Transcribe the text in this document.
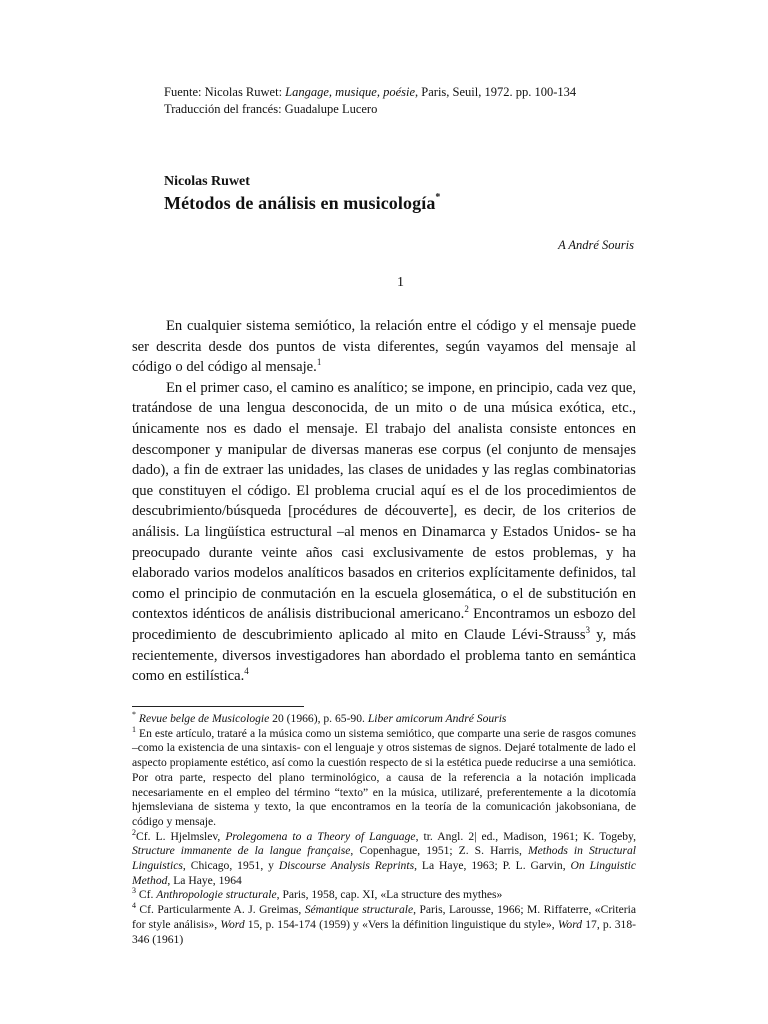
Fuente: Nicolas Ruwet: Langage, musique, poésie, Paris, Seuil, 1972. pp. 100-134
Traducción del francés: Guadalupe Lucero
Nicolas Ruwet
Métodos de análisis en musicología*
A André Souris
1

En cualquier sistema semiótico, la relación entre el código y el mensaje puede ser descrita desde dos puntos de vista diferentes, según vayamos del mensaje al código o del código al mensaje.$^1$

En el primer caso, el camino es analítico; se impone, en principio, cada vez que, tratándose de una lengua desconocida, de un mito o de una música exótica, etc., únicamente nos es dado el mensaje. El trabajo del analista consiste entonces en descomponer y manipular de diversas maneras ese corpus (el conjunto de mensajes dado), a fin de extraer las unidades, las clases de unidades y las reglas combinatorias que constituyen el código. El problema crucial aquí es el de los procedimientos de descubrimiento/búsqueda [procédures de découverte], es decir, de los criterios de análisis. La lingüística estructural –al menos en Dinamarca y Estados Unidos- se ha preocupado durante veinte años casi exclusivamente de estos problemas, y ha elaborado varios modelos analíticos basados en criterios explícitamente definidos, tal como el principio de conmutación en la escuela glosemática, o el de substitución en contextos idénticos de análisis distribucional americano.$^2$ Encontramos un esbozo del procedimiento de descubrimiento aplicado al mito en Claude Lévi-Strauss$^3$ y, más recientemente, diversos investigadores han abordado el problema tanto en semántica como en estilística.$^4$

* Revue belge de Musicologie 20 (1966), p. 65-90. Liber amicorum André Souris
$^1$ En este artículo, trataré a la música como un sistema semiótico, que comparte una serie de rasgos comunes –como la existencia de una sintaxis- con el lenguaje y otros sistemas de signos. Dejaré totalmente de lado el aspecto propiamente estético, así como la cuestión respecto de si la estética puede reducirse a una semiótica. Por otra parte, respecto del plano terminológico, a causa de la referencia a la notación implicada necesariamente en el empleo del término “texto” en la música, utilizaré, preferentemente a la dicotomía hjemsleviana de sistema y texto, la que encontramos en la teoría de la comunicación jakobsoniana, de código y mensaje.
$^2$Cf. L. Hjelmslev, Prolegomena to a Theory of Language, tr. Angl. 2| ed., Madison, 1961; K. Togeby, Structure immanente de la langue française, Copenhague, 1951; Z. S. Harris, Methods in Structural Linguistics, Chicago, 1951, y Discourse Analysis Reprints, La Haye, 1963; P. L. Garvin, On Linguistic Method, La Haye, 1964
$^3$ Cf. Anthropologie structurale, Paris, 1958, cap. XI, «La structure des mythes»
$^4$ Cf. Particularmente A. J. Greimas, Sémantique structurale, Paris, Larousse, 1966; M. Riffaterre, «Criteria for style análisis», Word 15, p. 154-174 (1959) y «Vers la définition linguistique du style», Word 17, p. 318-346 (1961)
